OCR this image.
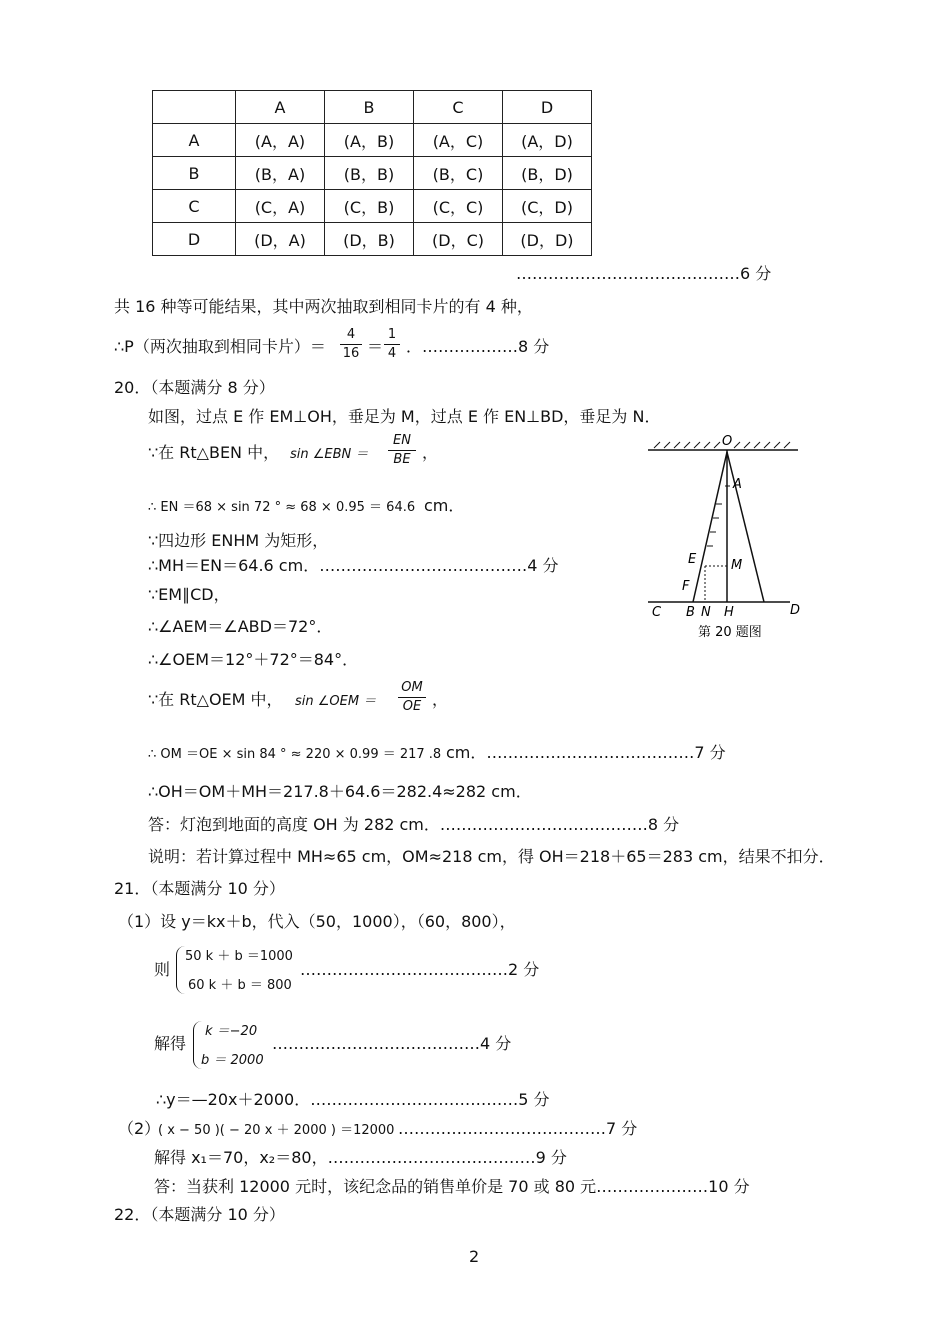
	A	B	C	D
A	(A，A)	(A，B)	(A，C)	(A，D)
B	(B，A)	(B，B)	(B，C)	(B，D)
C	(C，A)	(C，B)	(C，C)	(C，D)
D	(D，A)	(D，B)	(D，C)	(D，D)
……………………………………6 分
共 16 种等可能结果，其中两次抽取到相同卡片的有 4 种，
∴P（两次抽取到相同卡片）＝
4
16 ＝
1
4 ．………………8 分
20．（本题满分 8 分）
如图，过点 E 作 EM⊥OH，垂足为 M，过点 E 作 EN⊥BD，垂足为 N．
∵在 Rt△BEN 中， sin ∠EBN ＝
EN
BE ，
∴ EN ＝68 × sin 72 ° ≈ 68 × 0.95 ＝ 64.6 cm．
∵四边形 ENHM 为矩形，
∴MH＝EN＝64.6 cm．…………………………………4 分
∵EM∥CD，
∴∠AEM＝∠ABD＝72°．
∴∠OEM＝12°＋72°＝84°．
∵在 Rt△OEM 中， sin ∠OEM ＝
OM
OE ，
∴ OM ＝OE × sin 84 ° ≈ 220 × 0.99 ＝ 217 .8 cm．…………………………………7 分
∴OH＝OM＋MH＝217.8＋64.6＝282.4≈282 cm．
答：灯泡到地面的高度 OH 为 282 cm．…………………………………8 分
说明：若计算过程中 MH≈65 cm，OM≈218 cm，得 OH＝218＋65＝283 cm，结果不扣分．
O
A
E	M
F
C B N H	D
第 20 题图
21．（本题满分 10 分）
（1）设 y＝kx＋b，代入（50，1000），（60，800），
则
50 k ＋ b ＝1000
60 k ＋ b ＝ 800
…………………………………2 分
解得
k ＝−20
b ＝ 2000
…………………………………4 分
∴y＝—20x＋2000．…………………………………5 分
（2）
( x − 50 )( − 20 x ＋ 2000 ) ＝12000 …………………………………7 分
解得 x₁＝70，x₂＝80，…………………………………9 分
答：当获利 12000 元时，该纪念品的销售单价是 70 或 80 元…………………10 分
22．（本题满分 10 分）
2
